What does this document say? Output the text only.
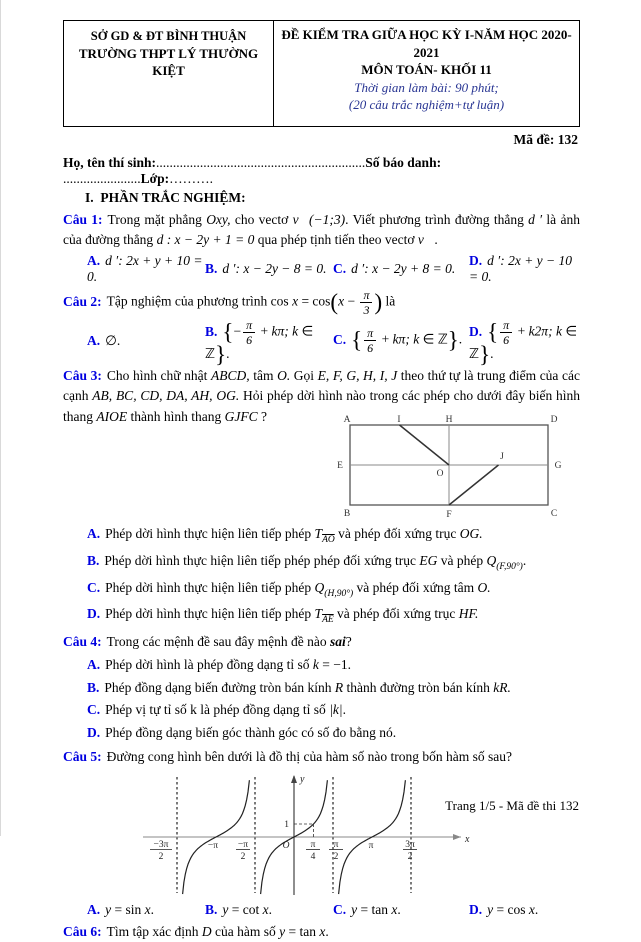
SỞ GD & ĐT BÌNH THUẬN
TRƯỜNG THPT LÝ THƯỜNG KIỆT
ĐỀ KIỂM TRA GIỮA HỌC KỲ I-NĂM HỌC 2020-2021
MÔN TOÁN- KHỐI 11
Thời gian làm bài: 90 phút;
(20 câu trắc nghiệm+tự luận)
Mã đề: 132
Họ, tên thí sinh:..............................................................Số báo danh: .......................Lớp:……….
I. PHẦN TRẮC NGHIỆM:

Câu 1: Trong mặt phẳng Oxy, cho vectơ v⃗(−1;3). Viết phương trình đường thẳng d ′ là ảnh của đường thẳng d : x − 2y + 1 = 0 qua phép tịnh tiến theo vectơ v⃗.

A. d ′: 2x + y + 10 = 0.
B. d ′: x − 2y − 8 = 0. C. d ′: x − 2y + 8 = 0.
D. d ′: 2x + y − 10 = 0.

Câu 2: Tập nghiệm của phương trình $\cos x = \cos(x - \frac{\pi}{3}$ ) là

A. ∅.
B. {− $\frac{\pi}{6} + k\pi$; k ∈ ℤ}.
C. { $\frac{\pi}{6} + k\pi$; k ∈ ℤ}.
D. { $\frac{\pi}{6} + k2\pi$; k ∈ ℤ}.

Câu 3: Cho hình chữ nhật ABCD, tâm O. Gọi E, F, G, H, I, J theo thứ tự là trung điểm của các cạnh AB, BC, CD, DA, AH, OG. Hỏi phép dời hình nào trong các phép cho dưới đây biến hình thang AIOE thành hình thang GJFC ?	A	I	H	D
E
O
J
G
B	F	C
A. Phép dời hình thực hiện liên tiếp phép $T_{\overline{AO}}$ và phép đối xứng trục OG.
B. Phép dời hình thực hiện liên tiếp phép phép đối xứng trục EG và phép $Q_{(F,90^\circ)}$.
C. Phép dời hình thực hiện liên tiếp phép $Q_{(H,90^\circ)}$ và phép đối xứng tâm O.
D. Phép dời hình thực hiện liên tiếp phép $T_{\overline{AE}}$ và phép đối xứng trục HF.

Câu 4: Trong các mệnh đề sau đây mệnh đề nào sai?

A. Phép dời hình là phép đồng dạng tỉ số k = −1.
B. Phép đồng dạng biến đường tròn bán kính R thành đường tròn bán kính kR.
C. Phép vị tự tỉ số k là phép đồng dạng tỉ số |k|.
D. Phép đồng dạng biến góc thành góc có số đo bằng nó.

Câu 5: Đường cong hình bên dưới là đồ thị của hàm số nào trong bốn hàm số sau?

1
x
y
−3π
2
−π −π
2
O π
4
π
2
π	3π
2
A. y = sin x.	B. y = cot x.	C. y = tan x.	D. y = cos x.

Câu 6: Tìm tập xác định D của hàm số y = tan x.

Trang 1/5 - Mã đề thi 132
